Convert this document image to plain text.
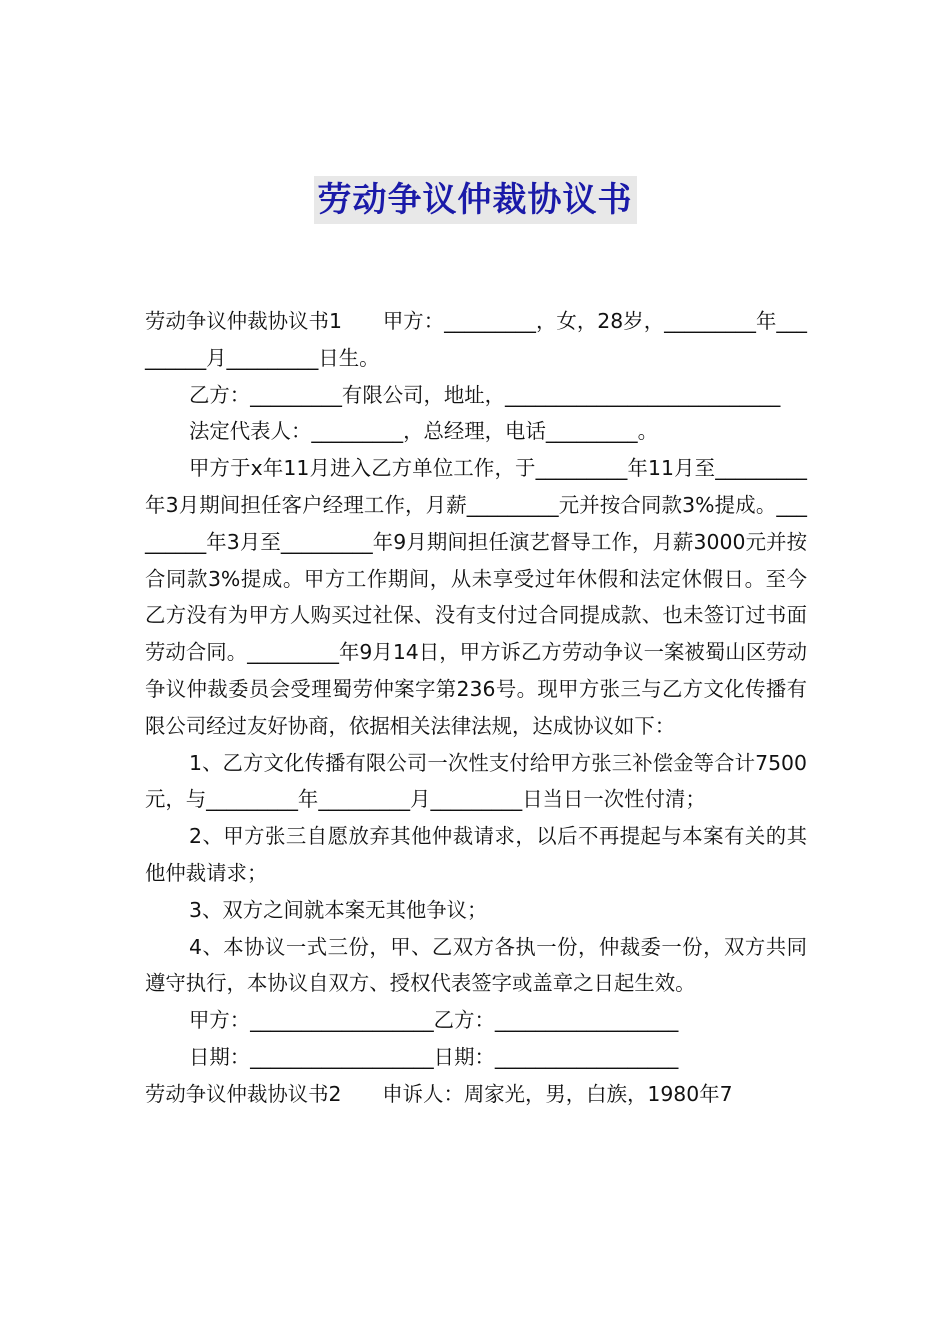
劳动争议仲裁协议书

劳动争议仲裁协议书1　　甲方：_________，女，28岁，_________年_________月_________日生。

乙方：_________有限公司，地址，___________________________

法定代表人：_________，总经理，电话_________。

甲方于x年11月进入乙方单位工作，于_________年11月至_________年3月期间担任客户经理工作，月薪_________元并按合同款3%提成。_________年3月至_________年9月期间担任演艺督导工作，月薪3000元并按合同款3%提成。甲方工作期间，从未享受过年休假和法定休假日。至今乙方没有为甲方人购买过社保、没有支付过合同提成款、也未签订过书面劳动合同。_________年9月14日，甲方诉乙方劳动争议一案被蜀山区劳动争议仲裁委员会受理蜀劳仲案字第236号。现甲方张三与乙方文化传播有限公司经过友好协商，依据相关法律法规，达成协议如下：

1、乙方文化传播有限公司一次性支付给甲方张三补偿金等合计7500元，与_________年_________月_________日当日一次性付清；

2、甲方张三自愿放弃其他仲裁请求，以后不再提起与本案有关的其他仲裁请求；

3、双方之间就本案无其他争议；

4、本协议一式三份，甲、乙双方各执一份，仲裁委一份，双方共同遵守执行，本协议自双方、授权代表签字或盖章之日起生效。

甲方：__________________乙方：__________________

日期：__________________日期：__________________

劳动争议仲裁协议书2　　申诉人：周家光，男，白族，1980年7
